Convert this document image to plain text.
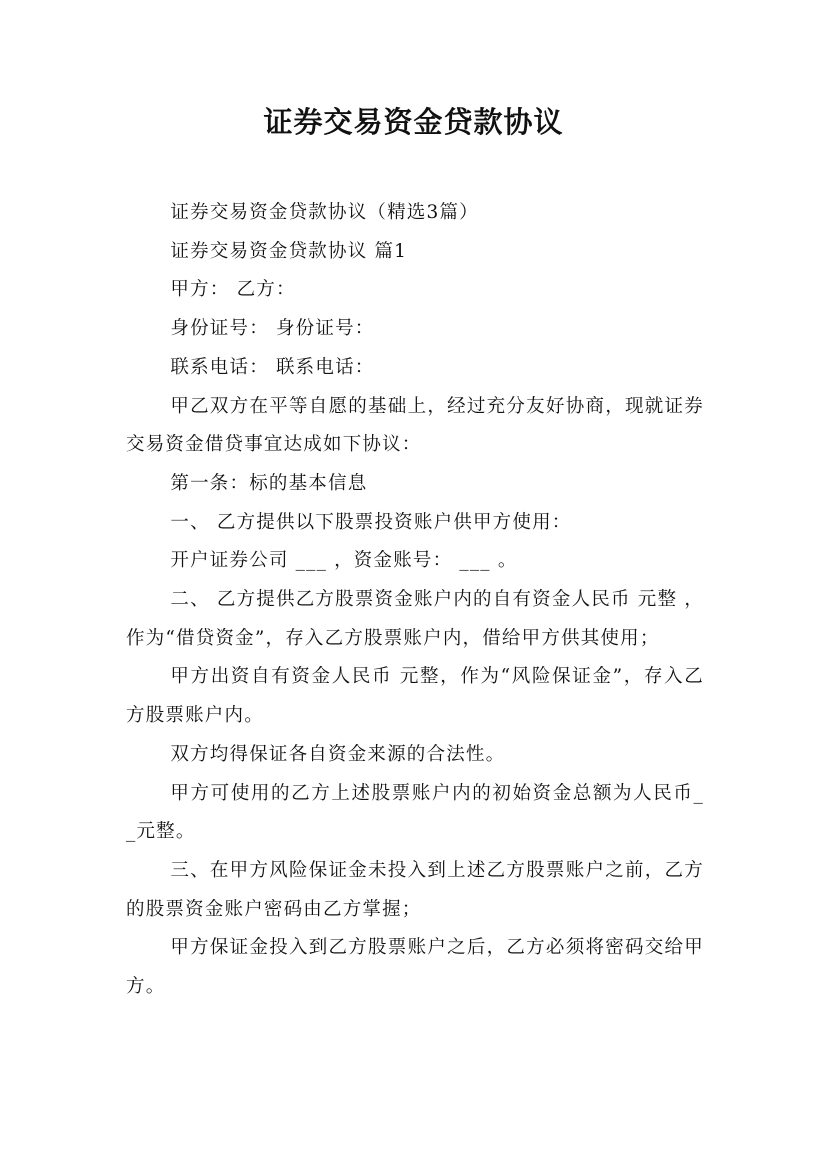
证券交易资金贷款协议

证券交易资金贷款协议（精选3篇）

证券交易资金贷款协议 篇1

甲方： 乙方：

身份证号： 身份证号：

联系电话： 联系电话：

甲乙双方在平等自愿的基础上，经过充分友好协商，现就证券交易资金借贷事宜达成如下协议：

第一条：标的基本信息

一、 乙方提供以下股票投资账户供甲方使用：

开户证券公司 ___ ，资金账号： ___ 。

二、 乙方提供乙方股票资金账户内的自有资金人民币 元整 ，作为“借贷资金”，存入乙方股票账户内，借给甲方供其使用；

甲方出资自有资金人民币 元整，作为“风险保证金”，存入乙方股票账户内。

双方均得保证各自资金来源的合法性。

甲方可使用的乙方上述股票账户内的初始资金总额为人民币_ _元整。

三、在甲方风险保证金未投入到上述乙方股票账户之前，乙方的股票资金账户密码由乙方掌握；

甲方保证金投入到乙方股票账户之后，乙方必须将密码交给甲方。
